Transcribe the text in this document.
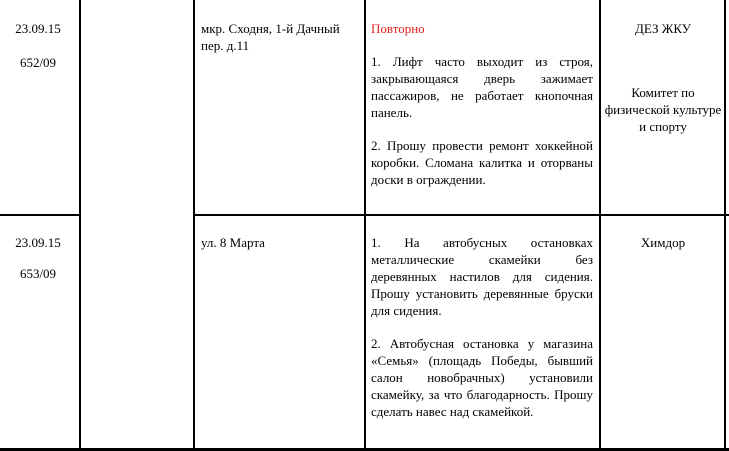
23.09.15
652/09
мкр. Сходня, 1-й Дачный пер. д.11

Повторно

1. Лифт часто выходит из строя, закрывающаяся дверь зажимает пассажиров, не работает кнопочная панель.

2. Прошу провести ремонт хоккейной коробки. Сломана калитка и оторваны доски в ограждении.

ДЕЗ ЖКУ
Комитет по физической культуре и спорту
23.09.15
653/09
ул. 8 Марта	1. На автобусных остановках металлические скамейки без деревянных настилов для сидения. Прошу установить деревянные бруски для сидения.

2. Автобусная остановка у магазина «Семья» (площадь Победы, бывший салон новобрачных) установили скамейку, за что благодарность. Прошу сделать навес над скамейкой.

Химдор
